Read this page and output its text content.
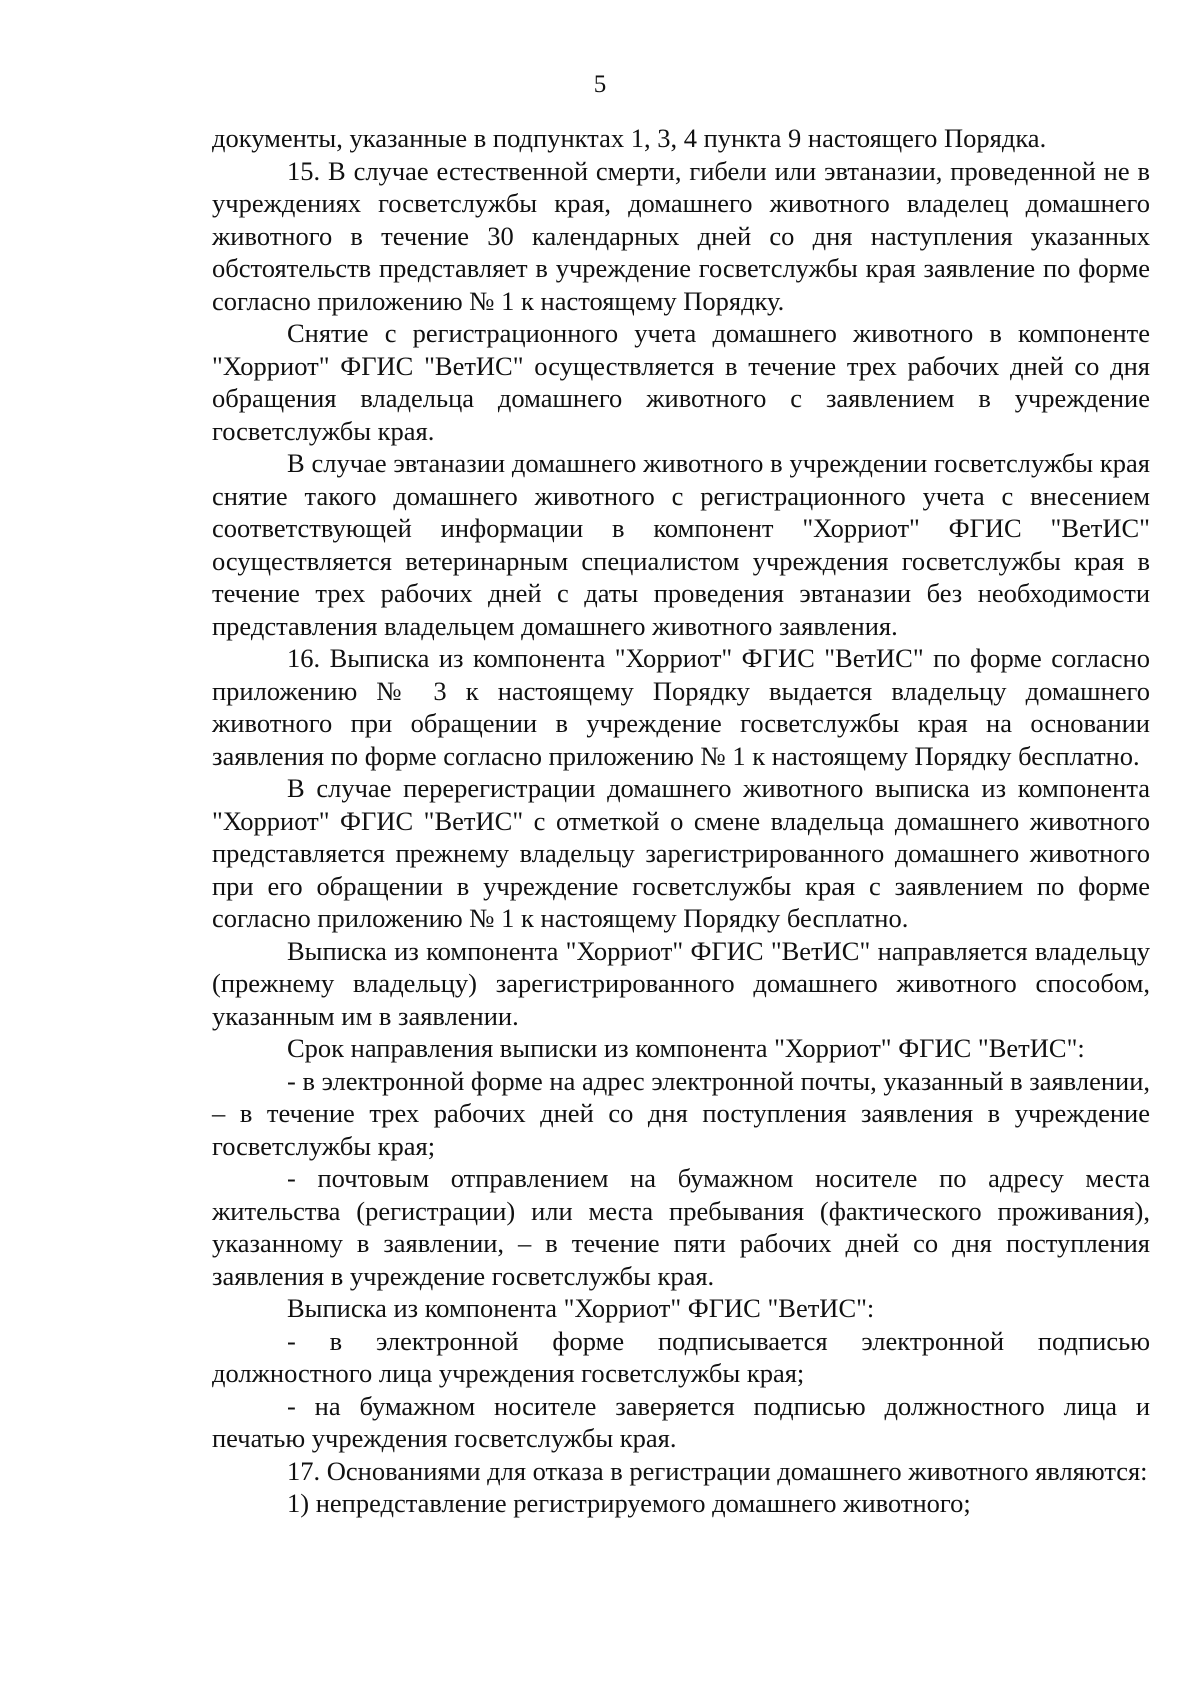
5

документы, указанные в подпунктах 1, 3, 4 пункта 9 настоящего Порядка.

15. В случае естественной смерти, гибели или эвтаназии, проведенной не в учреждениях госветслужбы края, домашнего животного владелец домашнего животного в течение 30 календарных дней со дня наступления указанных обстоятельств представляет в учреждение госветслужбы края заявление по форме согласно приложению № 1 к настоящему Порядку.

Снятие с регистрационного учета домашнего животного в компоненте "Хорриот" ФГИС "ВетИС" осуществляется в течение трех рабочих дней со дня обращения владельца домашнего животного с заявлением в учреждение госветслужбы края.

В случае эвтаназии домашнего животного в учреждении госветслужбы края снятие такого домашнего животного с регистрационного учета с внесением соответствующей информации в компонент "Хорриот" ФГИС "ВетИС" осуществляется ветеринарным специалистом учреждения госветслужбы края в течение трех рабочих дней с даты проведения эвтаназии без необходимости представления владельцем домашнего животного заявления.

16. Выписка из компонента "Хорриот" ФГИС "ВетИС" по форме согласно приложению № 3 к настоящему Порядку выдается владельцу домашнего животного при обращении в учреждение госветслужбы края на основании заявления по форме согласно приложению № 1 к настоящему Порядку бесплатно.

В случае перерегистрации домашнего животного выписка из компонента "Хорриот" ФГИС "ВетИС" с отметкой о смене владельца домашнего животного представляется прежнему владельцу зарегистрированного домашнего животного при его обращении в учреждение госветслужбы края с заявлением по форме согласно приложению № 1 к настоящему Порядку бесплатно.

Выписка из компонента "Хорриот" ФГИС "ВетИС" направляется владельцу (прежнему владельцу) зарегистрированного домашнего животного способом, указанным им в заявлении.

Срок направления выписки из компонента "Хорриот" ФГИС "ВетИС":

- в электронной форме на адрес электронной почты, указанный в заявлении, – в течение трех рабочих дней со дня поступления заявления в учреждение госветслужбы края;

- почтовым отправлением на бумажном носителе по адресу места жительства (регистрации) или места пребывания (фактического проживания), указанному в заявлении, – в течение пяти рабочих дней со дня поступления заявления в учреждение госветслужбы края.

Выписка из компонента "Хорриот" ФГИС "ВетИС":

- в электронной форме подписывается электронной подписью должностного лица учреждения госветслужбы края;

- на бумажном носителе заверяется подписью должностного лица и печатью учреждения госветслужбы края.

17. Основаниями для отказа в регистрации домашнего животного являются:

1) непредставление регистрируемого домашнего животного;
